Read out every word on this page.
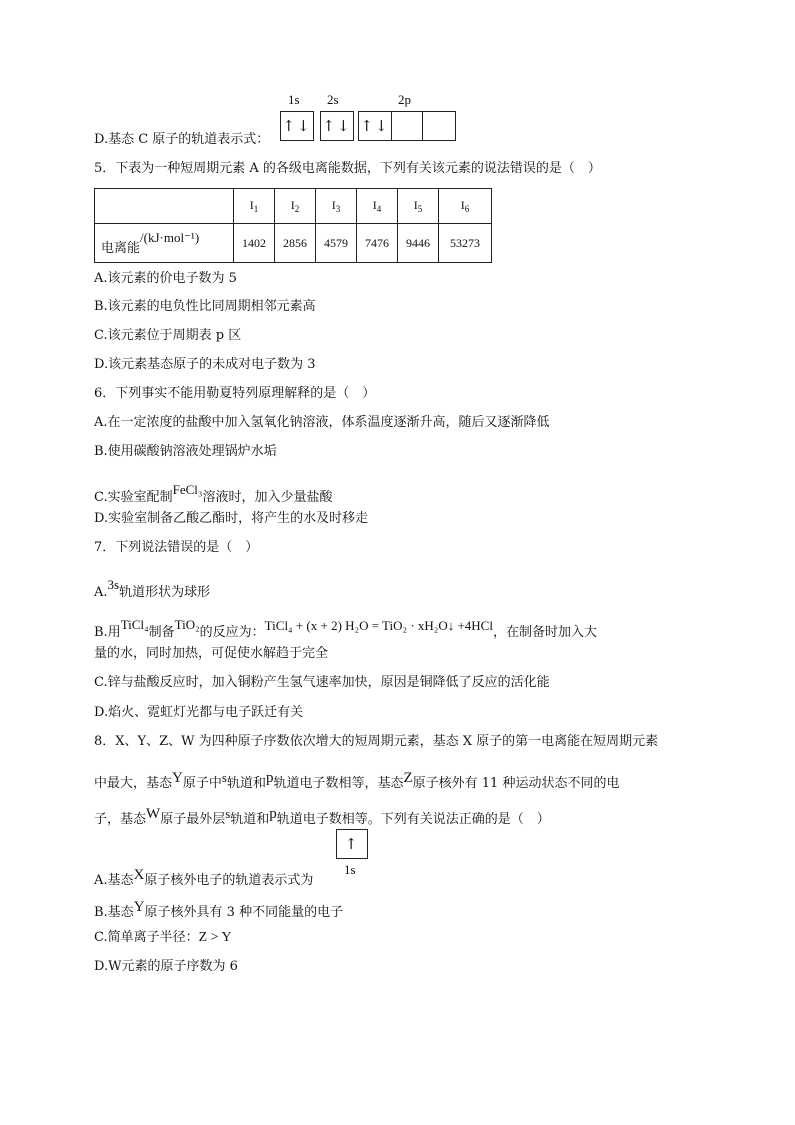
1s 2s	2p
↑↓ ↑↓ ↑↓
D.基态 C 原子的轨道表示式：
5．下表为一种短周期元素 A 的各级电离能数据，下列有关该元素的说法错误的是（　）
	$I_1$	$I_2$	$I_3$	$I_4$	$I_5$	$I_6$
电离能/(kJ·mol⁻¹)	1402	2856	4579	7476	9446	53273
A.该元素的价电子数为 5
B.该元素的电负性比同周期相邻元素高
C.该元素位于周期表 p 区
D.该元素基态原子的未成对电子数为 3
6．下列事实不能用勒夏特列原理解释的是（　）
A.在一定浓度的盐酸中加入氢氧化钠溶液，体系温度逐渐升高，随后又逐渐降低
B.使用碳酸钠溶液处理锅炉水垢
C.实验室配制FeCl₃溶液时，加入少量盐酸
D.实验室制备乙酸乙酯时，将产生的水及时移走
7．下列说法错误的是（　）
A.3s轨道形状为球形
B.用TiCl₄制备TiO₂的反应为：TiCl₄ + (x + 2) H₂O = TiO₂ · xH₂O↓ +4HCl，在制备时加入大
量的水，同时加热，可促使水解趋于完全
C.锌与盐酸反应时，加入铜粉产生氢气速率加快，原因是铜降低了反应的活化能
D.焰火、霓虹灯光都与电子跃迁有关
8．X、Y、Z、W 为四种原子序数依次增大的短周期元素，基态 X 原子的第一电离能在短周期元素
中最大，基态Y原子中s轨道和p轨道电子数相等，基态Z原子核外有 11 种运动状态不同的电
子，基态W原子最外层s轨道和p轨道电子数相等。下列有关说法正确的是（　）
↑
1s
A.基态X原子核外电子的轨道表示式为
B.基态Y原子核外具有 3 种不同能量的电子
C.简单离子半径：Z > Y
D.W元素的原子序数为 6
